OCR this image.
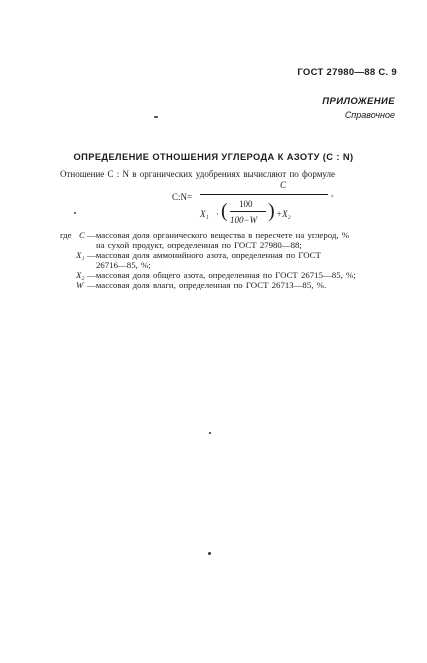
ГОСТ 27980—88 С. 9
ПРИЛОЖЕНИЕ
Справочное
ОПРЕДЕЛЕНИЕ ОТНОШЕНИЯ УГЛЕРОДА К АЗОТУ (С : N)
Отношение С : N в органических удобрениях вычисляют по формуле
C:N=
C
,
X₁ · ( 100
100−W ) +X₂
где С —массовая доля органического вещества в пересчете на углерод, %
на сухой продукт, определенная по ГОСТ 27980—88;
X₁ —массовая доля аммонийного азота, определенная по ГОСТ
26716—85, %;
X₂ —массовая доля общего азота, определенная по ГОСТ 26715—85, %;
W —массовая доля влаги, определенная по ГОСТ 26713—85, %.
